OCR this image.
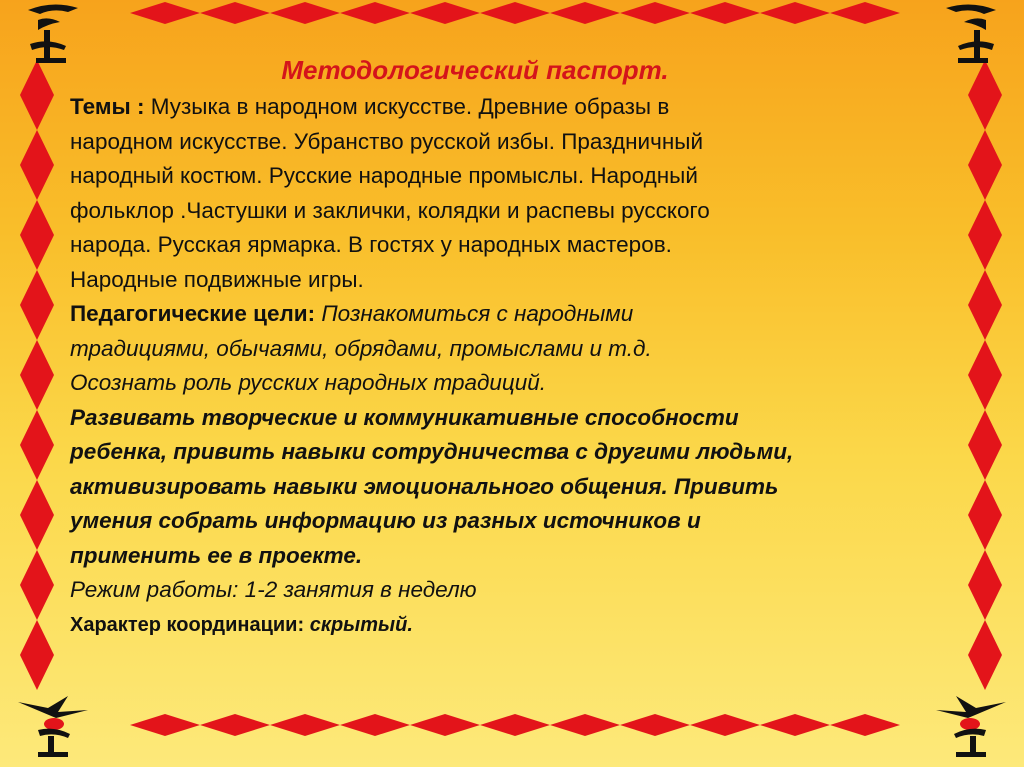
Методологический паспорт.
Темы : Музыка в народном искусстве. Древние образы в
народном искусстве. Убранство русской избы. Праздничный
народный костюм. Русские народные промыслы. Народный
фольклор .Частушки и заклички, колядки и распевы русского
народа. Русская ярмарка. В гостях у народных мастеров.
Народные подвижные игры.
Педагогические цели: Познакомиться с народными
традициями, обычаями, обрядами, промыслами и т.д.
Осознать роль русских народных традиций.
Развивать творческие и коммуникативные способности
ребенка, привить навыки сотрудничества с другими людьми,
активизировать навыки эмоционального общения. Привить
умения собрать информацию из разных источников и
применить ее в проекте.
Режим работы: 1-2 занятия в неделю
Характер координации: скрытый.
